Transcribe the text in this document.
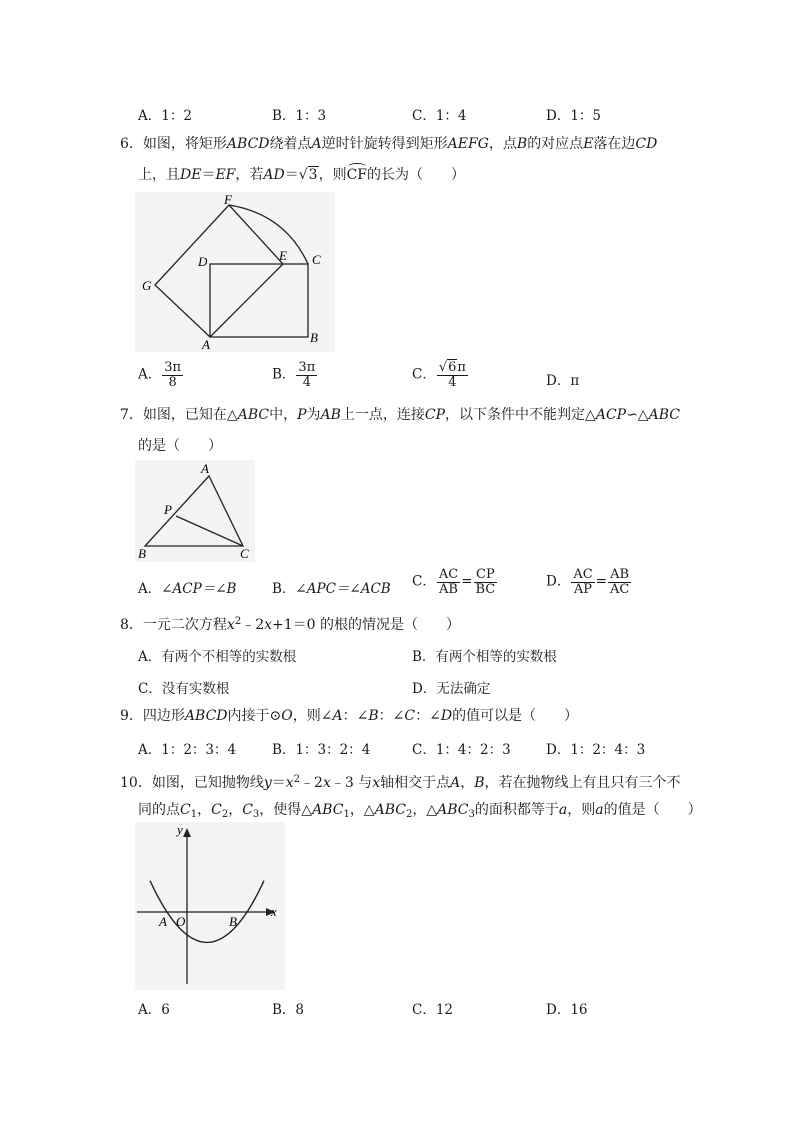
A．1：2	B．1：3	C．1：4	D．1：5
6．如图，将矩形ABCD绕着点A逆时针旋转得到矩形AEFG，点B的对应点E落在边CD
上，且DE＝EF，若AD＝√3，则CF的长为（　　）
F
E C
D
G
A	B
A． $\frac{3\pi}{8}$	B． $\frac{3\pi}{4}$	C． $\frac{√6\pi}{4}$	D．π
7．如图，已知在△ABC中，P为AB上一点，连接CP，以下条件中不能判定△ACP∽△ABC
的是（　　）
A
P
B	C
A．∠ACP＝∠B	B．∠APC＝∠ACB C． $\frac{AC}{AB} = \frac{CP}{BC}$	D． $\frac{AC}{AP} = \frac{AB}{AC}$
8．一元二次方程$x^2﹣2x+1=0$ 的根的情况是（　　）
A．有两个不相等的实数根	B．有两个相等的实数根
C．没有实数根	D．无法确定
9．四边形ABCD内接于⊙O，则∠A：∠B：∠C：∠D的值可以是（　　）
A．1：2：3：4	B．1：3：2：4	C．1：4：2：3	D．1：2：4：3
10．如图，已知抛物线$y=x^2﹣2x﹣3$ 与x轴相交于点A，B，若在抛物线上有且只有三个不
同的点$C_1$，$C_2$，$C_3$，使得$\triangle ABC_1$，$\triangle ABC_2$，$\triangle ABC_3$的面积都等于a，则a的值是（　　）
y
x
A O	B
A．6	B．8	C．12	D．16
